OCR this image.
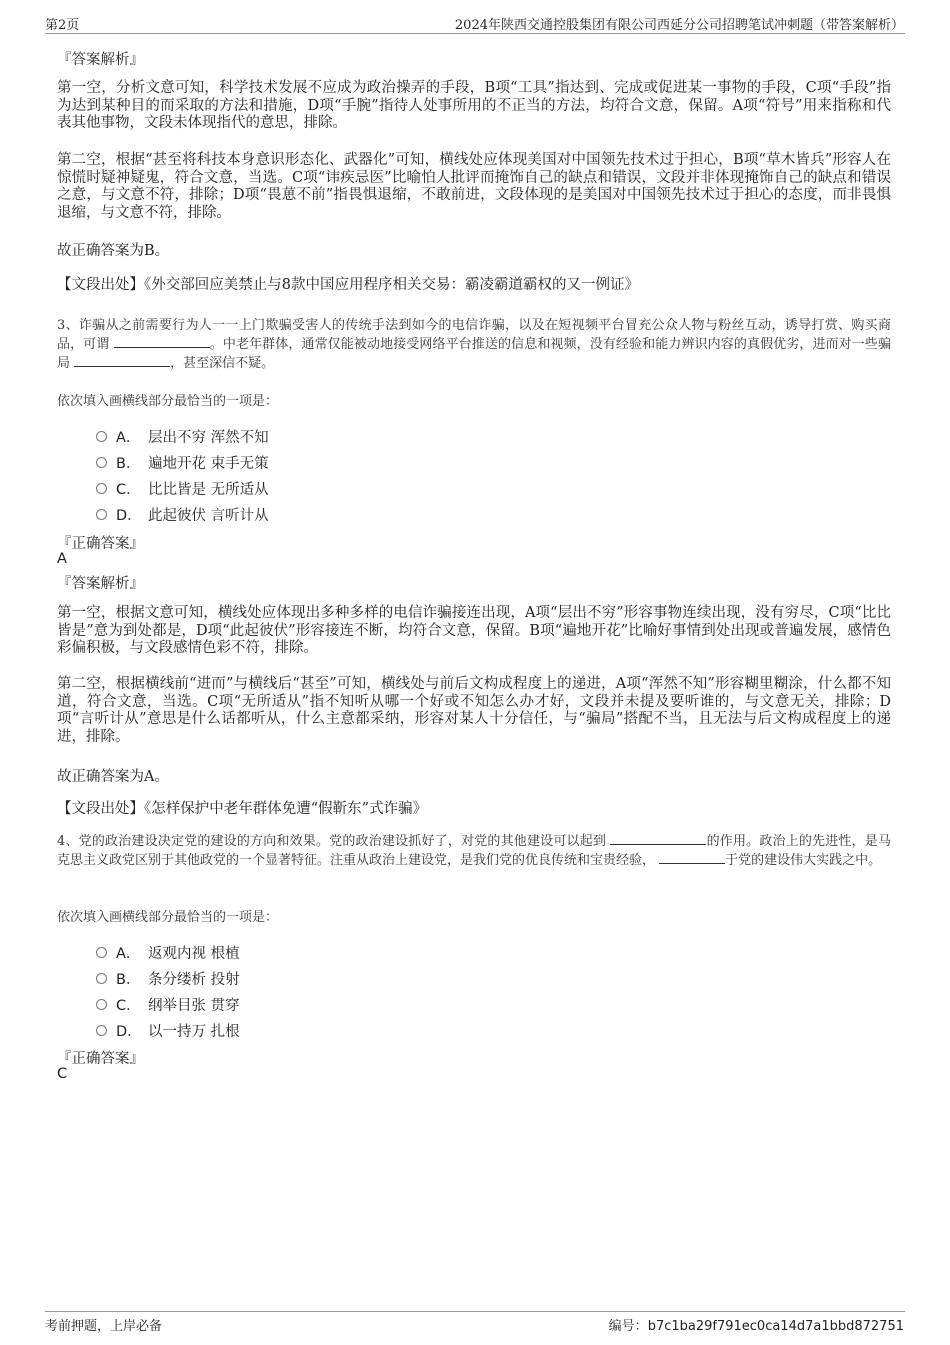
第2页	2024年陕西交通控股集团有限公司西延分公司招聘笔试冲刺题（带答案解析）
『答案解析』
第一空，分析文意可知，科学技术发展不应成为政治操弄的手段，B项“工具”指达到、完成或促进某一事物的手段，C项“手段”指为达到某种目的而采取的方法和措施，D项“手腕”指待人处事所用的不正当的方法，均符合文意，保留。A项“符号”用来指称和代表其他事物，文段未体现指代的意思，排除。
第二空，根据“甚至将科技本身意识形态化、武器化”可知，横线处应体现美国对中国领先技术过于担心，B项“草木皆兵”形容人在惊慌时疑神疑鬼，符合文意，当选。C项“讳疾忌医”比喻怕人批评而掩饰自己的缺点和错误，文段并非体现掩饰自己的缺点和错误之意，与文意不符，排除；D项“畏葸不前”指畏惧退缩，不敢前进，文段体现的是美国对中国领先技术过于担心的态度，而非畏惧退缩，与文意不符，排除。
故正确答案为B。
【文段出处】《外交部回应美禁止与8款中国应用程序相关交易：霸凌霸道霸权的又一例证》
3、诈骗从之前需要行为人一一上门欺骗受害人的传统手法到如今的电信诈骗，以及在短视频平台冒充公众人物与粉丝互动，诱导打赏、购买商品，可谓	。中老年群体，通常仅能被动地接受网络平台推送的信息和视频，没有经验和能力辨识内容的真假优劣，进而对一些骗局	，甚至深信不疑。
依次填入画横线部分最恰当的一项是：
A． 层出不穷 浑然不知
B． 遍地开花 束手无策
C． 比比皆是 无所适从
D． 此起彼伏 言听计从
『正确答案』
A
『答案解析』
第一空，根据文意可知，横线处应体现出多种多样的电信诈骗接连出现，A项“层出不穷”形容事物连续出现，没有穷尽，C项“比比皆是”意为到处都是，D项“此起彼伏”形容接连不断，均符合文意，保留。B项“遍地开花”比喻好事情到处出现或普遍发展，感情色彩偏积极，与文段感情色彩不符，排除。
第二空，根据横线前“进而”与横线后“甚至”可知，横线处与前后文构成程度上的递进，A项“浑然不知”形容糊里糊涂，什么都不知道，符合文意，当选。C项“无所适从”指不知听从哪一个好或不知怎么办才好，文段并未提及要听谁的，与文意无关，排除；D项“言听计从”意思是什么话都听从，什么主意都采纳，形容对某人十分信任，与“骗局”搭配不当，且无法与后文构成程度上的递进，排除。
故正确答案为A。
【文段出处】《怎样保护中老年群体免遭“假靳东”式诈骗》
4、党的政治建设决定党的建设的方向和效果。党的政治建设抓好了，对党的其他建设可以起到	的作用。政治上的先进性，是马克思主义政党区别于其他政党的一个显著特征。注重从政治上建设党，是我们党的优良传统和宝贵经验，	于党的建设伟大实践之中。
依次填入画横线部分最恰当的一项是：
A． 返观内视 根植
B． 条分缕析 投射
C． 纲举目张 贯穿
D． 以一持万 扎根
『正确答案』
C
考前押题，上岸必备	编号：b7c1ba29f791ec0ca14d7a1bbd872751
